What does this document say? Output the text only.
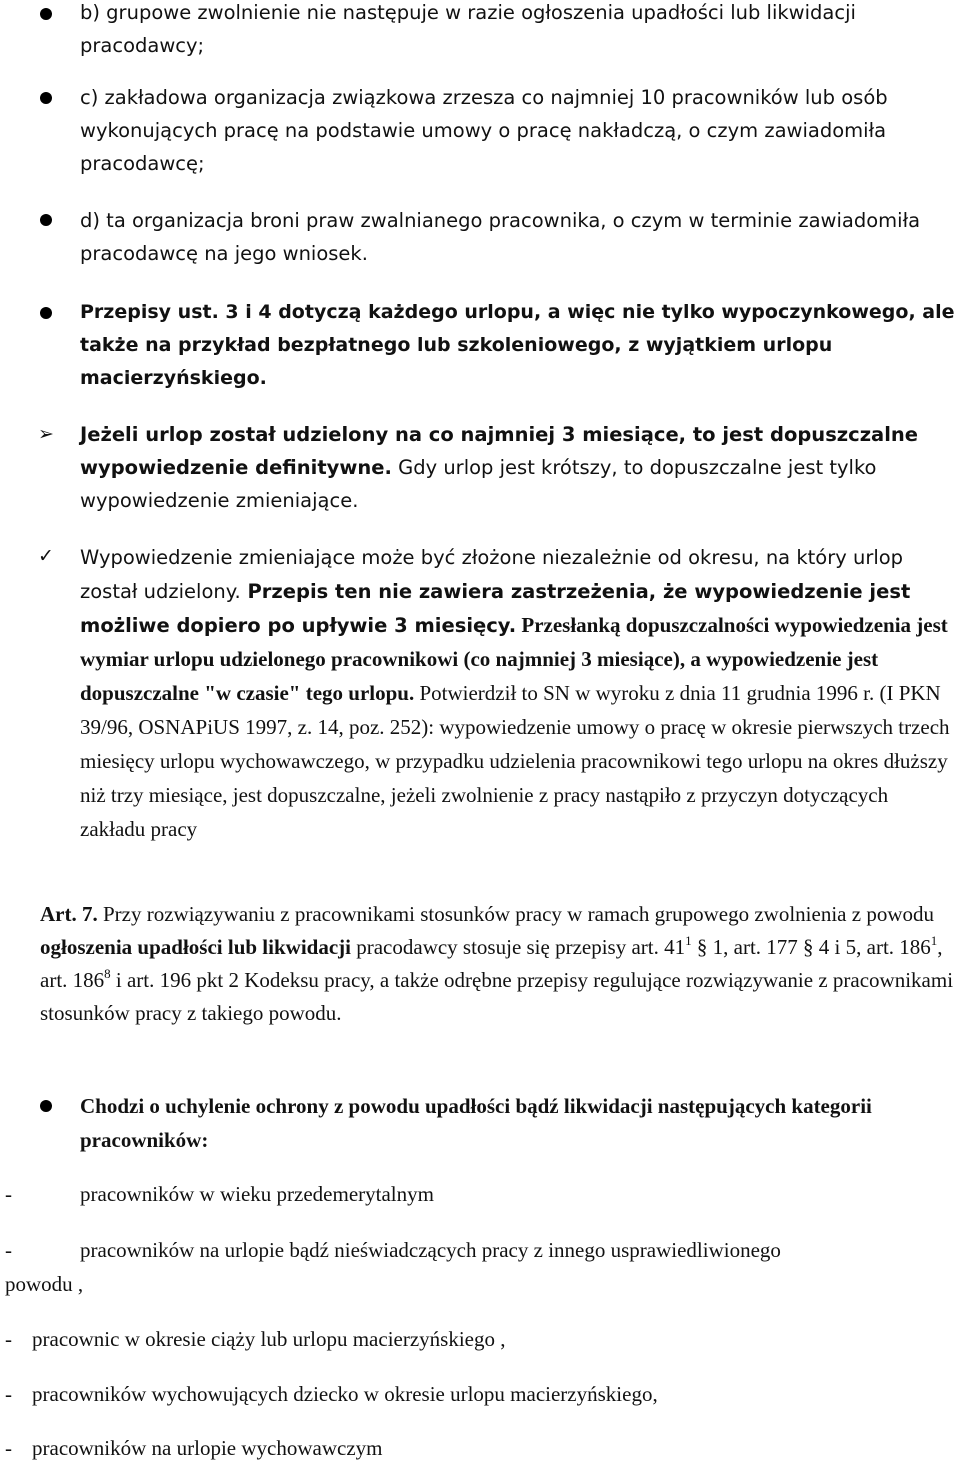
b) grupowe zwolnienie nie następuje w razie ogłoszenia upadłości lub likwidacji pracodawcy;
c) zakładowa organizacja związkowa zrzesza co najmniej 10 pracowników lub osób wykonujących pracę na podstawie umowy o pracę nakładczą, o czym zawiadomiła pracodawcę;
d) ta organizacja broni praw zwalnianego pracownika, o czym w terminie zawiadomiła pracodawcę na jego wniosek.
Przepisy ust. 3 i 4 dotyczą każdego urlopu, a więc nie tylko wypoczynkowego, ale także na przykład bezpłatnego lub szkoleniowego, z wyjątkiem urlopu macierzyńskiego.
➢ Jeżeli urlop został udzielony na co najmniej 3 miesiące, to jest dopuszczalne wypowiedzenie definitywne. Gdy urlop jest krótszy, to dopuszczalne jest tylko wypowiedzenie zmieniające.
✓ Wypowiedzenie zmieniające może być złożone niezależnie od okresu, na który urlop został udzielony. Przepis ten nie zawiera zastrzeżenia, że wypowiedzenie jest możliwe dopiero po upływie 3 miesięcy. Przesłanką dopuszczalności wypowiedzenia jest wymiar urlopu udzielonego pracownikowi (co najmniej 3 miesiące), a wypowiedzenie jest dopuszczalne "w czasie" tego urlopu. Potwierdził to SN w wyroku z dnia 11 grudnia 1996 r. (I PKN 39/96, OSNAPiUS 1997, z. 14, poz. 252): wypowiedzenie umowy o pracę w okresie pierwszych trzech miesięcy urlopu wychowawczego, w przypadku udzielenia pracownikowi tego urlopu na okres dłuższy niż trzy miesiące, jest dopuszczalne, jeżeli zwolnienie z pracy nastąpiło z przyczyn dotyczących zakładu pracy
Art. 7. Przy rozwiązywaniu z pracownikami stosunków pracy w ramach grupowego zwolnienia z powodu ogłoszenia upadłości lub likwidacji pracodawcy stosuje się przepisy art. $41^1$ § 1, art. 177 § 4 i 5, art. $186^1$, art. $186^8$ i art. 196 pkt 2 Kodeksu pracy, a także odrębne przepisy regulujące rozwiązywanie z pracownikami stosunków pracy z takiego powodu.
Chodzi o uchylenie ochrony z powodu upadłości bądź likwidacji następujących kategorii pracowników:
-	pracowników w wieku przedemerytalnym
-	pracowników na urlopie bądź nieświadczących pracy z innego usprawiedliwionego
powodu ,
- pracownic w okresie ciąży lub urlopu macierzyńskiego ,
- pracowników wychowujących dziecko w okresie urlopu macierzyńskiego,
- pracowników na urlopie wychowawczym
